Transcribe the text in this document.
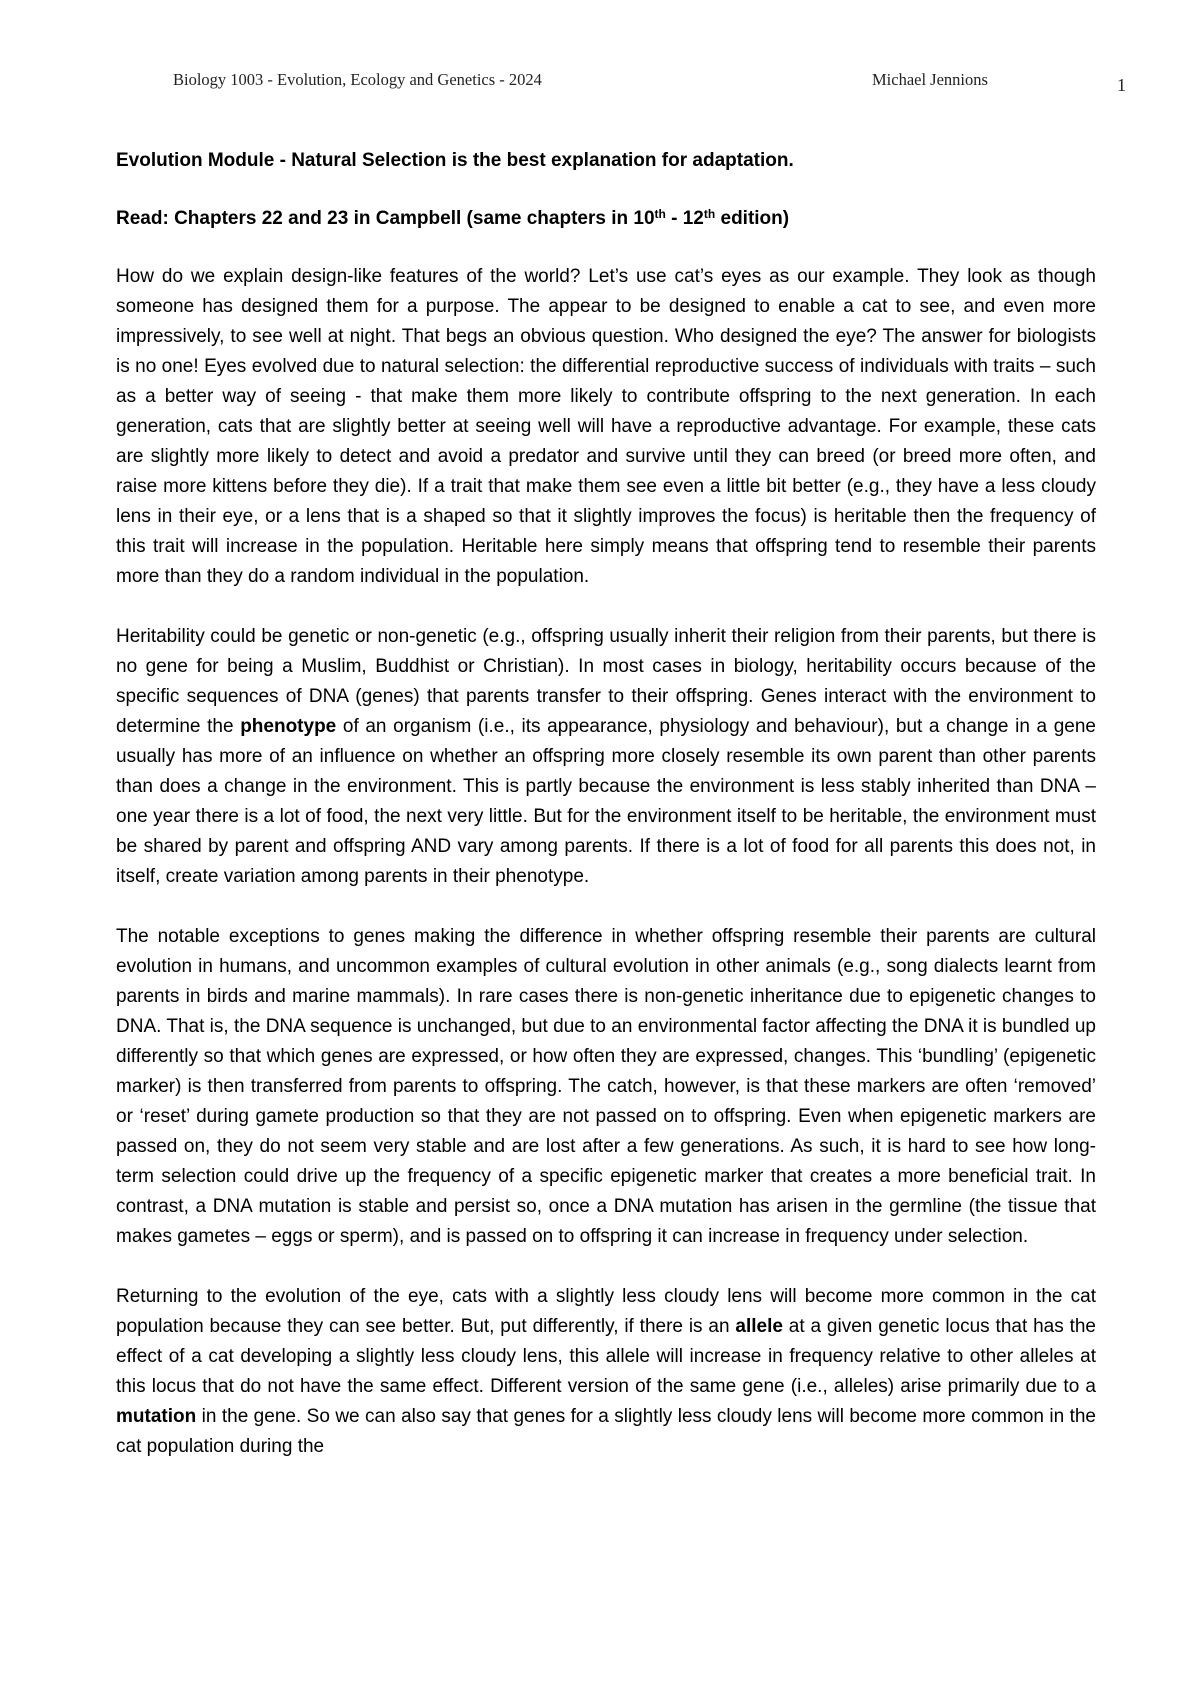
Biology 1003 - Evolution, Ecology and Genetics - 2024	Michael Jennions	1

Evolution Module - Natural Selection is the best explanation for adaptation.

Read: Chapters 22 and 23 in Campbell (same chapters in 10th - 12th edition)

How do we explain design-like features of the world? Let’s use cat’s eyes as our example. They look as though someone has designed them for a purpose. The appear to be designed to enable a cat to see, and even more impressively, to see well at night. That begs an obvious question. Who designed the eye? The answer for biologists is no one! Eyes evolved due to natural selection: the differential reproductive success of individuals with traits – such as a better way of seeing - that make them more likely to contribute offspring to the next generation. In each generation, cats that are slightly better at seeing well will have a reproductive advantage. For example, these cats are slightly more likely to detect and avoid a predator and survive until they can breed (or breed more often, and raise more kittens before they die). If a trait that make them see even a little bit better (e.g., they have a less cloudy lens in their eye, or a lens that is a shaped so that it slightly improves the focus) is heritable then the frequency of this trait will increase in the population. Heritable here simply means that offspring tend to resemble their parents more than they do a random individual in the population.

Heritability could be genetic or non-genetic (e.g., offspring usually inherit their religion from their parents, but there is no gene for being a Muslim, Buddhist or Christian). In most cases in biology, heritability occurs because of the specific sequences of DNA (genes) that parents transfer to their offspring. Genes interact with the environment to determine the phenotype of an organism (i.e., its appearance, physiology and behaviour), but a change in a gene usually has more of an influence on whether an offspring more closely resemble its own parent than other parents than does a change in the environment. This is partly because the environment is less stably inherited than DNA – one year there is a lot of food, the next very little. But for the environment itself to be heritable, the environment must be shared by parent and offspring AND vary among parents. If there is a lot of food for all parents this does not, in itself, create variation among parents in their phenotype.

The notable exceptions to genes making the difference in whether offspring resemble their parents are cultural evolution in humans, and uncommon examples of cultural evolution in other animals (e.g., song dialects learnt from parents in birds and marine mammals). In rare cases there is non-genetic inheritance due to epigenetic changes to DNA. That is, the DNA sequence is unchanged, but due to an environmental factor affecting the DNA it is bundled up differently so that which genes are expressed, or how often they are expressed, changes. This ‘bundling’ (epigenetic marker) is then transferred from parents to offspring. The catch, however, is that these markers are often ‘removed’ or ‘reset’ during gamete production so that they are not passed on to offspring. Even when epigenetic markers are passed on, they do not seem very stable and are lost after a few generations. As such, it is hard to see how long-term selection could drive up the frequency of a specific epigenetic marker that creates a more beneficial trait. In contrast, a DNA mutation is stable and persist so, once a DNA mutation has arisen in the germline (the tissue that makes gametes – eggs or sperm), and is passed on to offspring it can increase in frequency under selection.

Returning to the evolution of the eye, cats with a slightly less cloudy lens will become more common in the cat population because they can see better. But, put differently, if there is an allele at a given genetic locus that has the effect of a cat developing a slightly less cloudy lens, this allele will increase in frequency relative to other alleles at this locus that do not have the same effect. Different version of the same gene (i.e., alleles) arise primarily due to a mutation in the gene. So we can also say that genes for a slightly less cloudy lens will become more common in the cat population during the
